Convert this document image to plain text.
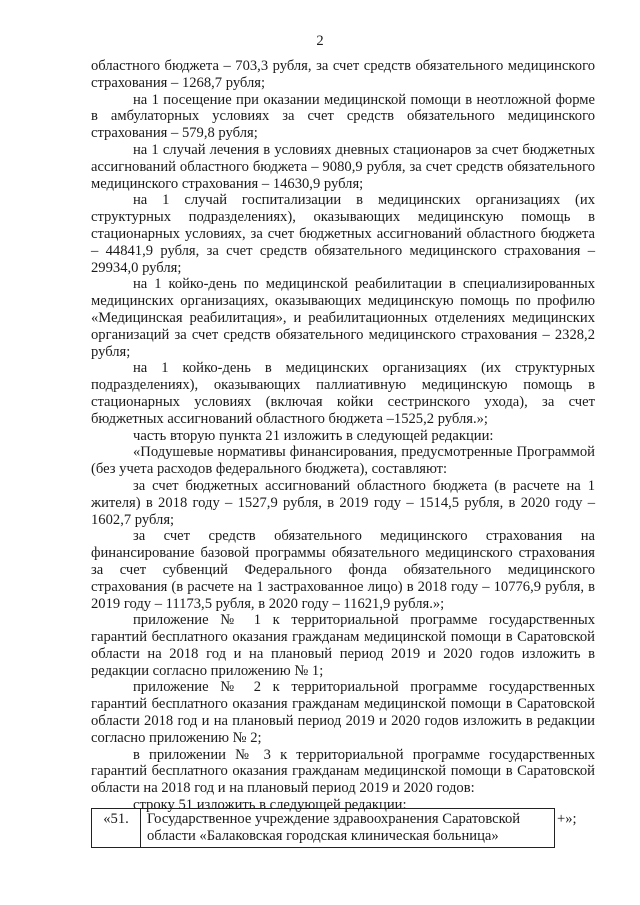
2

областного бюджета – 703,3 рубля, за счет средств обязательного медицинского страхования – 1268,7 рубля;

на 1 посещение при оказании медицинской помощи в неотложной форме в амбулаторных условиях за счет средств обязательного медицинского страхования – 579,8 рубля;

на 1 случай лечения в условиях дневных стационаров за счет бюджетных ассигнований областного бюджета – 9080,9 рубля, за счет средств обязательного медицинского страхования – 14630,9 рубля;

на 1 случай госпитализации в медицинских организациях (их структурных подразделениях), оказывающих медицинскую помощь в стационарных условиях, за счет бюджетных ассигнований областного бюджета – 44841,9 рубля, за счет средств обязательного медицинского страхования – 29934,0 рубля;

на 1 койко-день по медицинской реабилитации в специализированных медицинских организациях, оказывающих медицинскую помощь по профилю «Медицинская реабилитация», и реабилитационных отделениях медицинских организаций за счет средств обязательного медицинского страхования – 2328,2 рубля;

на 1 койко-день в медицинских организациях (их структурных подразделениях), оказывающих паллиативную медицинскую помощь в стационарных условиях (включая койки сестринского ухода), за счет бюджетных ассигнований областного бюджета –1525,2 рубля.»;

часть вторую пункта 21 изложить в следующей редакции:

«Подушевые нормативы финансирования, предусмотренные Программой (без учета расходов федерального бюджета), составляют:

за счет бюджетных ассигнований областного бюджета (в расчете на 1 жителя) в 2018 году – 1527,9 рубля, в 2019 году – 1514,5 рубля, в 2020 году – 1602,7 рубля;

за счет средств обязательного медицинского страхования на финансирование базовой программы обязательного медицинского страхования за счет субвенций Федерального фонда обязательного медицинского страхования (в расчете на 1 застрахованное лицо) в 2018 году – 10776,9 рубля, в 2019 году – 11173,5 рубля, в 2020 году – 11621,9 рубля.»;

приложение № 1 к территориальной программе государственных гарантий бесплатного оказания гражданам медицинской помощи в Саратовской области на 2018 год и на плановый период 2019 и 2020 годов изложить в редакции согласно приложению № 1;

приложение № 2 к территориальной программе государственных гарантий бесплатного оказания гражданам медицинской помощи в Саратовской области 2018 год и на плановый период 2019 и 2020 годов изложить в редакции согласно приложению № 2;

в приложении № 3 к территориальной программе государственных гарантий бесплатного оказания гражданам медицинской помощи в Саратовской области на 2018 год и на плановый период 2019 и 2020 годов:

строку 51 изложить в следующей редакции:

«51.	Государственное учреждение здравоохранения Саратовской области «Балаковская городская клиническая больница»	+»;
